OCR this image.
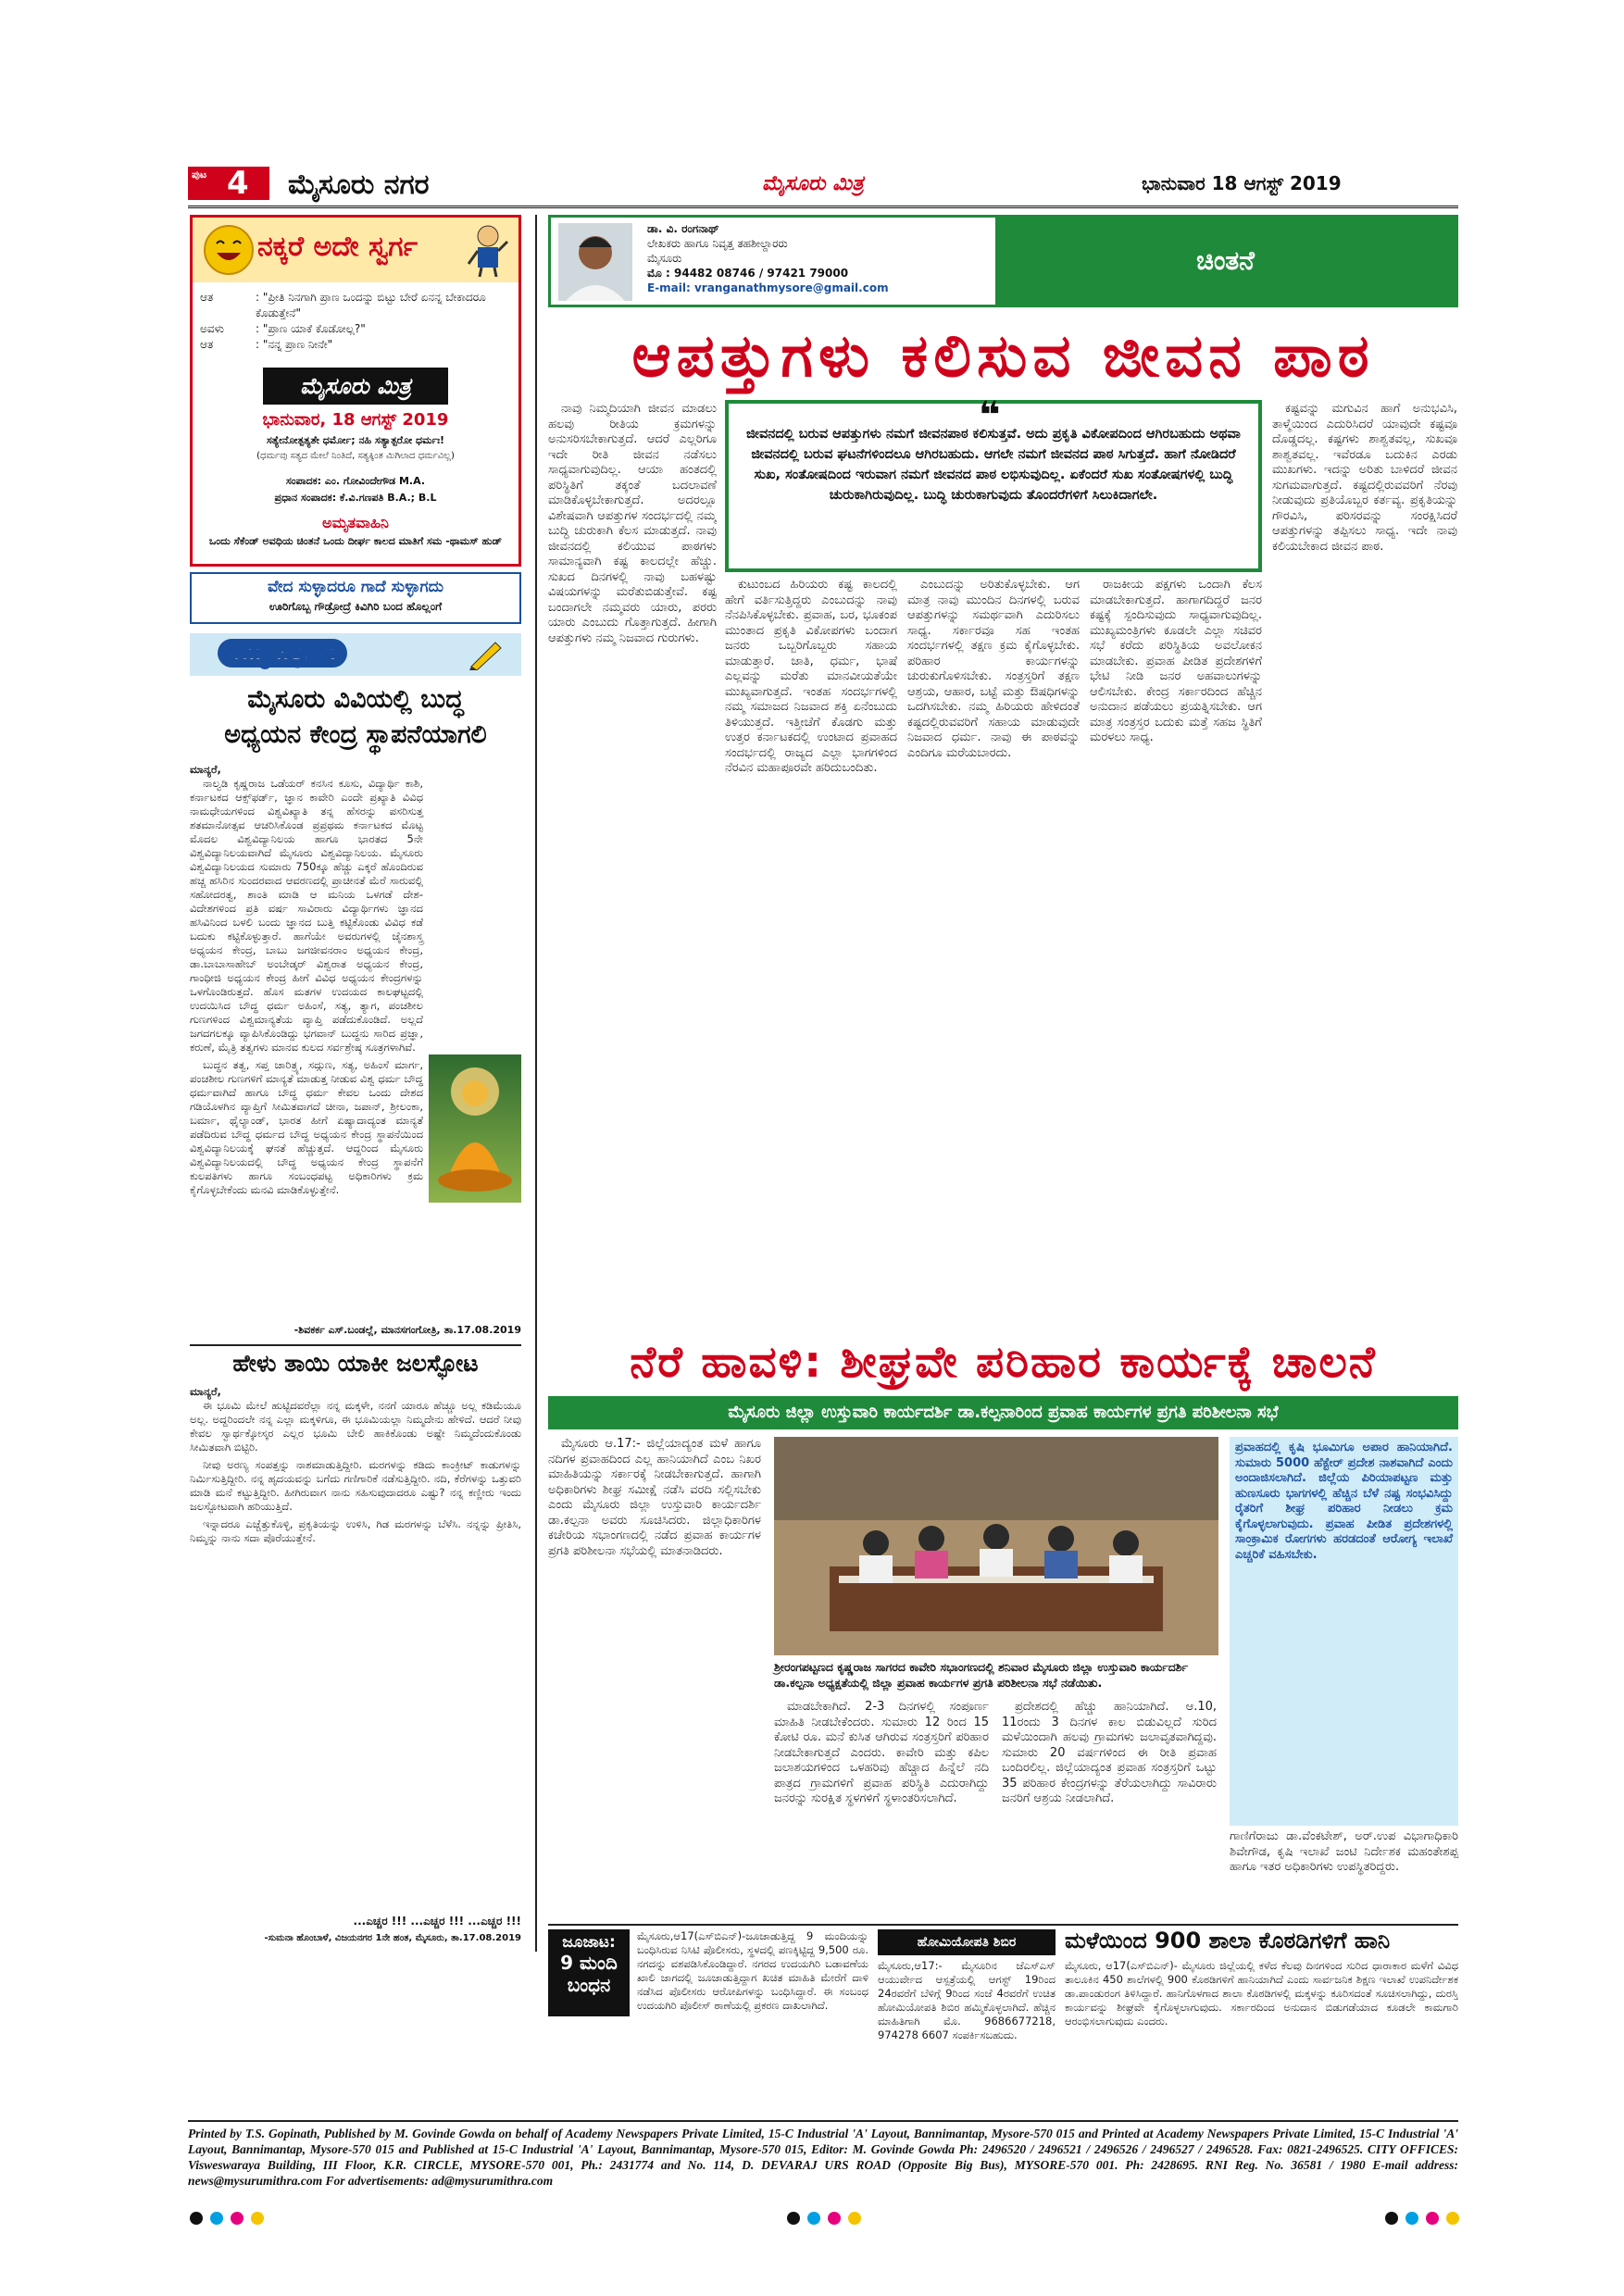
ಪುಟ 4 ಮೈಸೂರು ನಗರ	ಮೈಸೂರು ಮಿತ್ರ	ಭಾನುವಾರ 18 ಆಗಸ್ಟ್ 2019
ನಕ್ಕರೆ ಅದೇ ಸ್ವರ್ಗ
ಆತ	: "ಪ್ರೀತಿ ನಿನಗಾಗಿ ಪ್ರಾಣ ಒಂದನ್ನು ಬಿಟ್ಟು ಬೇರೆ ಏನನ್ನ ಬೇಕಾದರೂ ಕೊಡುತ್ತೇನೆ"
ಅವಳು	: "ಪ್ರಾಣ ಯಾಕೆ ಕೊಡೋಲ್ಲ?"
ಆತ	: "ನನ್ನ ಪ್ರಾಣ ನೀನೇ"
ಮೈಸೂರು ಮಿತ್ರ
ಭಾನುವಾರ, 18 ಆಗಸ್ಟ್ 2019
ಸತ್ಯೇನೋತ್ಪತ್ಯತೇ ಧರ್ಮೋ; ನಹಿ ಸತ್ಯಾತ್ಪರೋ ಧರ್ಮಃ!
(ಧರ್ಮವು ಸತ್ಯದ ಮೇಲೆ ನಿಂತಿದೆ, ಸತ್ಯಕ್ಕಿಂತ ಮಿಗಿಲಾದ ಧರ್ಮವಿಲ್ಲ)
ಸಂಪಾದಕ: ಎಂ. ಗೋವಿಂದೇಗೌಡ M.A.
ಪ್ರಧಾನ ಸಂಪಾದಕ: ಕೆ.ವಿ.ಗಣಪತಿ B.A.; B.L
ಅಮೃತವಾಹಿನಿ
ಒಂದು ಸೆಕೆಂಡ್ ಅವಧಿಯ ಚಿಂತನೆ ಒಂದು ದೀರ್ಘ ಕಾಲದ ಮಾತಿಗೆ ಸಮ -ಥಾಮಸ್ ಹುಡ್
ವೇದ ಸುಳ್ಳಾದರೂ ಗಾದೆ ಸುಳ್ಳಾಗದು
ಊರಿಗೊಬ್ಬ ಗೌಡ್ರೋದ್ರೆ ಕಿವಿಗಿರಿ ಬಂದ ಹೊಲ್ಲಂಗೆ
ನಿಮ್ಮ ಪತ್ರಗಳು
ಮೈಸೂರು ವಿವಿಯಲ್ಲಿ ಬುದ್ಧ
ಅಧ್ಯಯನ ಕೇಂದ್ರ ಸ್ಥಾಪನೆಯಾಗಲಿ
ಮಾನ್ಯರೆ,

ನಾಲ್ವಡಿ ಕೃಷ್ಣರಾಜ ಒಡೆಯರ್ ಕನಸಿನ ಕೂಸು, ವಿದ್ಯಾರ್ಥಿ ಕಾಶಿ, ಕರ್ನಾಟಕದ ಆಕ್ಸ್‌ಫರ್ಡ್, ಜ್ಞಾನ ಕಾವೇರಿ ಎಂದೇ ಪ್ರಖ್ಯಾತಿ ವಿವಿಧ ನಾಮಧೇಯಗಳಿಂದ ವಿಶ್ವವಿಖ್ಯಾತಿ ತನ್ನ ಹೆಸರನ್ನು ಪಸರಿಸುತ್ತ ಶತಮಾನೋತ್ಸವ ಆಚರಿಸಿಕೊಂಡ ಪ್ರಪ್ರಥಮ ಕರ್ನಾಟಕದ ಮೊಟ್ಟ ಮೊದಲ ವಿಶ್ವವಿದ್ಯಾನಿಲಯ ಹಾಗೂ ಭಾರತದ 5ನೇ ವಿಶ್ವವಿದ್ಯಾನಿಲಯವಾಗಿದೆ ಮೈಸೂರು ವಿಶ್ವವಿದ್ಯಾನಿಲಯ. ಮೈಸೂರು ವಿಶ್ವವಿದ್ಯಾನಿಲಯದ ಸುಮಾರು 750ಕ್ಕೂ ಹೆಚ್ಚು ಎಕ್ಕರೆ ಹೊಂದಿರುವ ಹಚ್ಚ ಹಸಿರಿನ ಸುಂದರವಾದ ಆವರಣದಲ್ಲಿ ಪ್ರಾಚೀನತೆ ಮೆರೆ ಸಾರುವಲ್ಲಿ ಸಹೋದರತ್ವ, ಶಾಂತಿ ಮಾಡಿ ಆ ಮನಿಯ ಒಳಗಡೆ ದೇಶ-ವಿದೇಶಗಳಿಂದ ಪ್ರತಿ ವರ್ಷ ಸಾವಿರಾರು ವಿದ್ಯಾರ್ಥಿಗಳು ಜ್ಞಾನದ ಹಸಿವಿನಿಂದ ಬಳಲಿ ಬಂದು ಜ್ಞಾನದ ಬುತ್ತಿ ಕಟ್ಟಿಕೊಂಡು ವಿವಿಧ ಕಡೆ ಬದುಕು ಕಟ್ಟಿಕೊಳ್ಳುತ್ತಾರೆ. ಹಾಗೆಯೇ ಅವರುಗಳಲ್ಲಿ ಜೈನಶಾಸ್ತ್ರ ಅಧ್ಯಯನ ಕೇಂದ್ರ, ಬಾಬು ಜಗಜೀವನರಾಂ ಅಧ್ಯಯನ ಕೇಂದ್ರ, ಡಾ.ಬಾಬಾಸಾಹೇಬ್ ಅಂಬೇಡ್ಕರ್ ವಿಶ್ವರಾತ ಅಧ್ಯಯನ ಕೇಂದ್ರ, ಗಾಂಧೀಜಿ ಅಧ್ಯಯನ ಕೇಂದ್ರ ಹೀಗೆ ವಿವಿಧ ಅಧ್ಯಯನ ಕೇಂದ್ರಗಳನ್ನು ಒಳಗೊಂಡಿರುತ್ತದೆ. ಹೊಸ ಮತಗಳ ಉದಯದ ಕಾಲಘಟ್ಟದಲ್ಲಿ ಉದಯಿಸಿದ ಬೌದ್ಧ ಧರ್ಮ ಅಹಿಂಸೆ, ಸತ್ಯ, ತ್ಯಾಗ, ಪಂಚಶೀಲ ಗುಣಗಳಿಂದ ವಿಶ್ವಮಾನ್ಯತೆಯ ವ್ಯಾಪ್ತಿ ಪಡೆದುಕೊಂಡಿದೆ. ಅಲ್ಲದೆ ಜಗದಗಲಕ್ಕೂ ವ್ಯಾಪಿಸಿಕೊಂಡಿದ್ದು ಭಗವಾನ್ ಬುದ್ಧನು ಸಾರಿದ ಪ್ರಜ್ಞಾ, ಕರುಣೆ, ಮೈತ್ರಿ ತತ್ವಗಳು ಮಾನವ ಕುಲದ ಸರ್ವಶ್ರೇಷ್ಠ ಸೂತ್ರಗಳಾಗಿವೆ.

ಬುದ್ಧನ ತತ್ವ, ಸಪ್ತ ಚಾರಿತ್ರ್ಯ, ಸದ್ಗುಣ, ಸತ್ಯ, ಅಹಿಂಸೆ ಮಾರ್ಗ, ಪಂಚಶೀಲ ಗುಣಗಳಿಗೆ ಮಾನ್ಯತೆ ಮಾಡುತ್ತ ನೀಡುವ ವಿಶ್ವ ಧರ್ಮ ಬೌದ್ಧ ಧರ್ಮವಾಗಿದೆ ಹಾಗೂ ಬೌದ್ಧ ಧರ್ಮ ಕೇವಲ ಒಂದು ದೇಶದ ಗಡಿಯೊಳಗಿನ ವ್ಯಾಪ್ತಿಗೆ ಸೀಮಿತವಾಗದೆ ಚೀನಾ, ಜಪಾನ್, ಶ್ರೀಲಂಕಾ, ಬರ್ಮಾ, ಥೈಲ್ಯಾಂಡ್, ಭಾರತ ಹೀಗೆ ಏಷ್ಯಾದಾದ್ಯಂತ ಮಾನ್ಯತೆ ಪಡೆದಿರುವ ಬೌದ್ಧ ಧರ್ಮದ ಬೌದ್ಧ ಅಧ್ಯಯನ ಕೇಂದ್ರ ಸ್ಥಾಪನೆಯಿಂದ ವಿಶ್ವವಿದ್ಯಾನಿಲಯಕ್ಕೆ ಘನತೆ ಹೆಚ್ಚುತ್ತದೆ. ಆದ್ದರಿಂದ ಮೈಸೂರು ವಿಶ್ವವಿದ್ಯಾನಿಲಯದಲ್ಲಿ ಬೌದ್ಧ ಅಧ್ಯಯನ ಕೇಂದ್ರ ಸ್ಥಾಪನೆಗೆ ಕುಲಪತಿಗಳು ಹಾಗೂ ಸಂಬಂಧಪಟ್ಟ ಅಧಿಕಾರಿಗಳು ಕ್ರಮ ಕೈಗೊಳ್ಳಬೇಕೆಂದು ಮನವಿ ಮಾಡಿಕೊಳ್ಳುತ್ತೇನೆ.

-ಶಿವಕರ್ಕ ಎಸ್.ಬಂಡಲ್ಲೆ, ಮಾನಸಗಂಗೋತ್ರಿ, ತಾ.17.08.2019
ಹೇಳು ತಾಯಿ ಯಾಕೀ ಜಲಸ್ಫೋಟ
ಮಾನ್ಯರೆ,

ಈ ಭೂಮಿ ಮೇಲೆ ಹುಟ್ಟಿದವರೆಲ್ಲಾ ನನ್ನ ಮಕ್ಕಳೇ, ನನಗೆ ಯಾರೂ ಹೆಚ್ಚೂ ಅಲ್ಲ ಕಡಿಮೆಯೂ ಅಲ್ಲ. ಅದ್ದರಿಂದಲೇ ನನ್ನ ಎಲ್ಲಾ ಮಕ್ಕಳಿಗೂ, ಈ ಭೂಮಿಯಲ್ಲಾ ನಿಮ್ಮದೇನು ಹೇಳಿದೆ. ಆದರೆ ನೀವು ಕೇವಲ ಸ್ವಾರ್ಥಕ್ಕೋಸ್ಕರ ಎಲ್ಲರ ಭೂಮಿ ಬೇಲಿ ಹಾಕಿಕೊಂಡು ಅಷ್ಟೇ ನಿಮ್ಮದೆಂದುಕೊಂಡು ಸೀಮಿತವಾಗಿ ಬಿಟ್ಟಿರಿ.

ನೀವು ಅರಣ್ಯ ಸಂಪತ್ತನ್ನು ನಾಶಮಾಡುತ್ತಿದ್ದೀರಿ. ಮರಗಳನ್ನು ಕಡಿದು ಕಾಂಕ್ರೀಟ್ ಕಾಡುಗಳನ್ನು ನಿರ್ಮಿಸುತ್ತಿದ್ದೀರಿ. ನನ್ನ ಹೃದಯವನ್ನು ಬಗೆದು ಗಣಿಗಾರಿಕೆ ನಡೆಸುತ್ತಿದ್ದೀರಿ. ನದಿ, ಕೆರೆಗಳನ್ನು ಒತ್ತುವರಿ ಮಾಡಿ ಮನೆ ಕಟ್ಟುತ್ತಿದ್ದೀರಿ. ಹೀಗಿರುವಾಗ ನಾನು ಸಹಿಸುವುದಾದರೂ ಎಷ್ಟು? ನನ್ನ ಕಣ್ಣೀರು ಇಂದು ಜಲಸ್ಫೋಟವಾಗಿ ಹರಿಯುತ್ತಿದೆ.

ಇನ್ನಾದರೂ ಎಚ್ಚೆತ್ತುಕೊಳ್ಳಿ, ಪ್ರಕೃತಿಯನ್ನು ಉಳಿಸಿ, ಗಿಡ ಮರಗಳನ್ನು ಬೆಳೆಸಿ. ನನ್ನನ್ನು ಪ್ರೀತಿಸಿ, ನಿಮ್ಮನ್ನು ನಾನು ಸದಾ ಪೊರೆಯುತ್ತೇನೆ.

...ಎಚ್ಚರ !!! ...ಎಚ್ಚರ !!! ...ಎಚ್ಚರ !!!
-ಸುಮನಾ ಹೊಂಬಾಳೆ, ವಿಜಯನಗರ 1ನೇ ಹಂತ, ಮೈಸೂರು, ತಾ.17.08.2019
ಡಾ. ವಿ. ರಂಗನಾಥ್
ಲೇಖಕರು ಹಾಗೂ ನಿವೃತ್ತ ತಹಶೀಲ್ದಾರರು
ಮೈಸೂರು
ಮೊ : 94482 08746 / 97421 79000
E-mail: vranganathmysore@gmail.com
ಚಿಂತನೆ
ಆಪತ್ತುಗಳು ಕಲಿಸುವ ಜೀವನ ಪಾಠ

ನಾವು ನಿಮ್ಮದಿಯಾಗಿ ಜೀವನ ಮಾಡಲು ಹಲವು ರೀತಿಯ ಕ್ರಮಗಳನ್ನು ಅನುಸರಿಸಬೇಕಾಗುತ್ತದೆ. ಆದರೆ ಎಲ್ಲರಿಗೂ ಇದೇ ರೀತಿ ಜೀವನ ನಡೆಸಲು ಸಾಧ್ಯವಾಗುವುದಿಲ್ಲ. ಆಯಾ ಹಂತದಲ್ಲಿ ಪರಿಸ್ಥಿತಿಗೆ ತಕ್ಕಂತೆ ಬದಲಾವಣೆ ಮಾಡಿಕೊಳ್ಳಬೇಕಾಗುತ್ತದೆ. ಅದರಲ್ಲೂ ವಿಶೇಷವಾಗಿ ಆಪತ್ತುಗಳ ಸಂದರ್ಭದಲ್ಲಿ ನಮ್ಮ ಬುದ್ಧಿ ಚುರುಕಾಗಿ ಕೆಲಸ ಮಾಡುತ್ತದೆ. ನಾವು ಜೀವನದಲ್ಲಿ ಕಲಿಯುವ ಪಾಠಗಳು ಸಾಮಾನ್ಯವಾಗಿ ಕಷ್ಟ ಕಾಲದಲ್ಲೇ ಹೆಚ್ಚು. ಸುಖದ ದಿನಗಳಲ್ಲಿ ನಾವು ಬಹಳಷ್ಟು ವಿಷಯಗಳನ್ನು ಮರೆತುಬಿಡುತ್ತೇವೆ. ಕಷ್ಟ ಬಂದಾಗಲೇ ನಮ್ಮವರು ಯಾರು, ಪರರು ಯಾರು ಎಂಬುದು ಗೊತ್ತಾಗುತ್ತದೆ. ಹೀಗಾಗಿ ಆಪತ್ತುಗಳು ನಮ್ಮ ನಿಜವಾದ ಗುರುಗಳು.

❝
ಜೀವನದಲ್ಲಿ ಬರುವ ಆಪತ್ತುಗಳು ನಮಗೆ ಜೀವನಪಾಠ ಕಲಿಸುತ್ತವೆ. ಅದು ಪ್ರಕೃತಿ ವಿಕೋಪದಿಂದ ಆಗಿರಬಹುದು ಅಥವಾ ಜೀವನದಲ್ಲಿ ಬರುವ ಘಟನೆಗಳಿಂದಲೂ ಆಗಿರಬಹುದು. ಆಗಲೇ ನಮಗೆ ಜೀವನದ ಪಾಠ ಸಿಗುತ್ತದೆ. ಹಾಗೆ ನೋಡಿದರೆ ಸುಖ, ಸಂತೋಷದಿಂದ ಇರುವಾಗ ನಮಗೆ ಜೀವನದ ಪಾಠ ಲಭಿಸುವುದಿಲ್ಲ. ಏಕೆಂದರೆ ಸುಖ ಸಂತೋಷಗಳಲ್ಲಿ ಬುದ್ಧಿ ಚುರುಕಾಗಿರುವುದಿಲ್ಲ. ಬುದ್ಧಿ ಚುರುಕಾಗುವುದು ತೊಂದರೆಗಳಿಗೆ ಸಿಲುಕಿದಾಗಲೇ.

ಕುಟುಂಬದ ಹಿರಿಯರು ಕಷ್ಟ ಕಾಲದಲ್ಲಿ ಹೇಗೆ ವರ್ತಿಸುತ್ತಿದ್ದರು ಎಂಬುದನ್ನು ನಾವು ನೆನಪಿಸಿಕೊಳ್ಳಬೇಕು. ಪ್ರವಾಹ, ಬರ, ಭೂಕಂಪ ಮುಂತಾದ ಪ್ರಕೃತಿ ವಿಕೋಪಗಳು ಬಂದಾಗ ಜನರು ಒಬ್ಬರಿಗೊಬ್ಬರು ಸಹಾಯ ಮಾಡುತ್ತಾರೆ. ಜಾತಿ, ಧರ್ಮ, ಭಾಷೆ ಎಲ್ಲವನ್ನು ಮರೆತು ಮಾನವೀಯತೆಯೇ ಮುಖ್ಯವಾಗುತ್ತದೆ. ಇಂತಹ ಸಂದರ್ಭಗಳಲ್ಲಿ ನಮ್ಮ ಸಮಾಜದ ನಿಜವಾದ ಶಕ್ತಿ ಏನೆಂಬುದು ತಿಳಿಯುತ್ತದೆ. ಇತ್ತೀಚೆಗೆ ಕೊಡಗು ಮತ್ತು ಉತ್ತರ ಕರ್ನಾಟಕದಲ್ಲಿ ಉಂಟಾದ ಪ್ರವಾಹದ ಸಂದರ್ಭದಲ್ಲಿ ರಾಜ್ಯದ ಎಲ್ಲಾ ಭಾಗಗಳಿಂದ ನೆರವಿನ ಮಹಾಪೂರವೇ ಹರಿದುಬಂದಿತು.

ಎಂಬುದನ್ನು ಅರಿತುಕೊಳ್ಳಬೇಕು. ಆಗ ಮಾತ್ರ ನಾವು ಮುಂದಿನ ದಿನಗಳಲ್ಲಿ ಬರುವ ಆಪತ್ತುಗಳನ್ನು ಸಮರ್ಥವಾಗಿ ಎದುರಿಸಲು ಸಾಧ್ಯ. ಸರ್ಕಾರವೂ ಸಹ ಇಂತಹ ಸಂದರ್ಭಗಳಲ್ಲಿ ತಕ್ಷಣ ಕ್ರಮ ಕೈಗೊಳ್ಳಬೇಕು. ಪರಿಹಾರ ಕಾರ್ಯಗಳನ್ನು ಚುರುಕುಗೊಳಿಸಬೇಕು. ಸಂತ್ರಸ್ತರಿಗೆ ತಕ್ಷಣ ಆಶ್ರಯ, ಆಹಾರ, ಬಟ್ಟೆ ಮತ್ತು ಔಷಧಿಗಳನ್ನು ಒದಗಿಸಬೇಕು. ನಮ್ಮ ಹಿರಿಯರು ಹೇಳಿದಂತೆ ಕಷ್ಟದಲ್ಲಿರುವವರಿಗೆ ಸಹಾಯ ಮಾಡುವುದೇ ನಿಜವಾದ ಧರ್ಮ. ನಾವು ಈ ಪಾಠವನ್ನು ಎಂದಿಗೂ ಮರೆಯಬಾರದು.

ರಾಜಕೀಯ ಪಕ್ಷಗಳು ಒಂದಾಗಿ ಕೆಲಸ ಮಾಡಬೇಕಾಗುತ್ತದೆ. ಹಾಗಾಗದಿದ್ದರೆ ಜನರ ಕಷ್ಟಕ್ಕೆ ಸ್ಪಂದಿಸುವುದು ಸಾಧ್ಯವಾಗುವುದಿಲ್ಲ. ಮುಖ್ಯಮಂತ್ರಿಗಳು ಕೂಡಲೇ ಎಲ್ಲಾ ಸಚಿವರ ಸಭೆ ಕರೆದು ಪರಿಸ್ಥಿತಿಯ ಅವಲೋಕನ ಮಾಡಬೇಕು. ಪ್ರವಾಹ ಪೀಡಿತ ಪ್ರದೇಶಗಳಿಗೆ ಭೇಟಿ ನೀಡಿ ಜನರ ಅಹವಾಲುಗಳನ್ನು ಆಲಿಸಬೇಕು. ಕೇಂದ್ರ ಸರ್ಕಾರದಿಂದ ಹೆಚ್ಚಿನ ಅನುದಾನ ಪಡೆಯಲು ಪ್ರಯತ್ನಿಸಬೇಕು. ಆಗ ಮಾತ್ರ ಸಂತ್ರಸ್ತರ ಬದುಕು ಮತ್ತೆ ಸಹಜ ಸ್ಥಿತಿಗೆ ಮರಳಲು ಸಾಧ್ಯ.

ಕಷ್ಟವನ್ನು ಮಗುವಿನ ಹಾಗೆ ಅನುಭವಿಸಿ, ತಾಳ್ಮೆಯಿಂದ ಎದುರಿಸಿದರೆ ಯಾವುದೇ ಕಷ್ಟವೂ ದೊಡ್ಡದಲ್ಲ. ಕಷ್ಟಗಳು ಶಾಶ್ವತವಲ್ಲ, ಸುಖವೂ ಶಾಶ್ವತವಲ್ಲ. ಇವೆರಡೂ ಬದುಕಿನ ಎರಡು ಮುಖಗಳು. ಇದನ್ನು ಅರಿತು ಬಾಳಿದರೆ ಜೀವನ ಸುಗಮವಾಗುತ್ತದೆ. ಕಷ್ಟದಲ್ಲಿರುವವರಿಗೆ ನೆರವು ನೀಡುವುದು ಪ್ರತಿಯೊಬ್ಬರ ಕರ್ತವ್ಯ. ಪ್ರಕೃತಿಯನ್ನು ಗೌರವಿಸಿ, ಪರಿಸರವನ್ನು ಸಂರಕ್ಷಿಸಿದರೆ ಆಪತ್ತುಗಳನ್ನು ತಪ್ಪಿಸಲು ಸಾಧ್ಯ. ಇದೇ ನಾವು ಕಲಿಯಬೇಕಾದ ಜೀವನ ಪಾಠ.

ನೆರೆ ಹಾವಳಿ: ಶೀಘ್ರವೇ ಪರಿಹಾರ ಕಾರ್ಯಕ್ಕೆ ಚಾಲನೆ
ಮೈಸೂರು ಜಿಲ್ಲಾ ಉಸ್ತುವಾರಿ ಕಾರ್ಯದರ್ಶಿ ಡಾ.ಕಲ್ಪನಾರಿಂದ ಪ್ರವಾಹ ಕಾರ್ಯಗಳ ಪ್ರಗತಿ ಪರಿಶೀಲನಾ ಸಭೆ

ಮೈಸೂರು ಆ.17:- ಜಿಲ್ಲೆಯಾದ್ಯಂತ ಮಳೆ ಹಾಗೂ ನದಿಗಳ ಪ್ರವಾಹದಿಂದ ಎಲ್ಲ ಹಾನಿಯಾಗಿದೆ ಎಂಬ ನಿಖರ ಮಾಹಿತಿಯನ್ನು ಸರ್ಕಾರಕ್ಕೆ ನೀಡಬೇಕಾಗುತ್ತದೆ. ಹಾಗಾಗಿ ಅಧಿಕಾರಿಗಳು ಶೀಘ್ರ ಸಮೀಕ್ಷೆ ನಡೆಸಿ ವರದಿ ಸಲ್ಲಿಸಬೇಕು ಎಂದು ಮೈಸೂರು ಜಿಲ್ಲಾ ಉಸ್ತುವಾರಿ ಕಾರ್ಯದರ್ಶಿ ಡಾ.ಕಲ್ಪನಾ ಅವರು ಸೂಚಿಸಿದರು. ಜಿಲ್ಲಾಧಿಕಾರಿಗಳ ಕಚೇರಿಯ ಸಭಾಂಗಣದಲ್ಲಿ ನಡೆದ ಪ್ರವಾಹ ಕಾರ್ಯಗಳ ಪ್ರಗತಿ ಪರಿಶೀಲನಾ ಸಭೆಯಲ್ಲಿ ಮಾತನಾಡಿದರು.

ಶ್ರೀರಂಗಪಟ್ಟಣದ ಕೃಷ್ಣರಾಜ ಸಾಗರದ ಕಾವೇರಿ ಸಭಾಂಗಣದಲ್ಲಿ ಶನಿವಾರ ಮೈಸೂರು ಜಿಲ್ಲಾ ಉಸ್ತುವಾರಿ ಕಾರ್ಯದರ್ಶಿ ಡಾ.ಕಲ್ಪನಾ ಅಧ್ಯಕ್ಷತೆಯಲ್ಲಿ ಜಿಲ್ಲಾ ಪ್ರವಾಹ ಕಾರ್ಯಗಳ ಪ್ರಗತಿ ಪರಿಶೀಲನಾ ಸಭೆ ನಡೆಯಿತು.

ಮಾಡಬೇಕಾಗಿದೆ. 2-3 ದಿನಗಳಲ್ಲಿ ಸಂಪೂರ್ಣ ಮಾಹಿತಿ ನೀಡಬೇಕೆಂದರು. ಸುಮಾರು 12 ರಿಂದ 15 ಕೋಟಿ ರೂ. ಮನೆ ಕುಸಿತ ಆಗಿರುವ ಸಂತ್ರಸ್ತರಿಗೆ ಪರಿಹಾರ ನೀಡಬೇಕಾಗುತ್ತದೆ ಎಂದರು. ಕಾವೇರಿ ಮತ್ತು ಕಪಿಲ ಜಲಾಶಯಗಳಿಂದ ಒಳಹರಿವು ಹೆಚ್ಚಾದ ಹಿನ್ನೆಲೆ ನದಿ ಪಾತ್ರದ ಗ್ರಾಮಗಳಿಗೆ ಪ್ರವಾಹ ಪರಿಸ್ಥಿತಿ ಎದುರಾಗಿದ್ದು ಜನರನ್ನು ಸುರಕ್ಷಿತ ಸ್ಥಳಗಳಿಗೆ ಸ್ಥಳಾಂತರಿಸಲಾಗಿದೆ.

ಪ್ರದೇಶದಲ್ಲಿ ಹೆಚ್ಚು ಹಾನಿಯಾಗಿದೆ. ಆ.10, 11ರಂದು 3 ದಿನಗಳ ಕಾಲ ಬಿಡುವಿಲ್ಲದೆ ಸುರಿದ ಮಳೆಯಿಂದಾಗಿ ಹಲವು ಗ್ರಾಮಗಳು ಜಲಾವೃತವಾಗಿದ್ದವು. ಸುಮಾರು 20 ವರ್ಷಗಳಿಂದ ಈ ರೀತಿ ಪ್ರವಾಹ ಬಂದಿರಲಿಲ್ಲ. ಜಿಲ್ಲೆಯಾದ್ಯಂತ ಪ್ರವಾಹ ಸಂತ್ರಸ್ತರಿಗೆ ಒಟ್ಟು 35 ಪರಿಹಾರ ಕೇಂದ್ರಗಳನ್ನು ತೆರೆಯಲಾಗಿದ್ದು ಸಾವಿರಾರು ಜನರಿಗೆ ಆಶ್ರಯ ನೀಡಲಾಗಿದೆ.

ಪ್ರವಾಹದಲ್ಲಿ ಕೃಷಿ ಭೂಮಿಗೂ ಅಪಾರ ಹಾನಿಯಾಗಿದೆ. ಸುಮಾರು 5000 ಹೆಕ್ಟೇರ್ ಪ್ರದೇಶ ನಾಶವಾಗಿದೆ ಎಂದು ಅಂದಾಜಿಸಲಾಗಿದೆ. ಜಿಲ್ಲೆಯ ಪಿರಿಯಾಪಟ್ಟಣ ಮತ್ತು ಹುಣಸೂರು ಭಾಗಗಳಲ್ಲಿ ಹೆಚ್ಚಿನ ಬೆಳೆ ನಷ್ಟ ಸಂಭವಿಸಿದ್ದು ರೈತರಿಗೆ ಶೀಘ್ರ ಪರಿಹಾರ ನೀಡಲು ಕ್ರಮ ಕೈಗೊಳ್ಳಲಾಗುವುದು. ಪ್ರವಾಹ ಪೀಡಿತ ಪ್ರದೇಶಗಳಲ್ಲಿ ಸಾಂಕ್ರಾಮಿಕ ರೋಗಗಳು ಹರಡದಂತೆ ಆರೋಗ್ಯ ಇಲಾಖೆ ಎಚ್ಚರಿಕೆ ವಹಿಸಬೇಕು.
ಗಾಣಿಗೆರಾಜು ಡಾ.ವೆಂಕಟೇಶ್, ಅರ್.ಉಪ ವಿಭಾಗಾಧಿಕಾರಿ ಶಿವೇಗೌಡ, ಕೃಷಿ ಇಲಾಖೆ ಜಂಟಿ ನಿರ್ದೇಶಕ ಮಹಂತೇಶಪ್ಪ ಹಾಗೂ ಇತರ ಅಧಿಕಾರಿಗಳು ಉಪಸ್ಥಿತರಿದ್ದರು.
ಜೂಜಾಟ:
9 ಮಂದಿ
ಬಂಧನ
ಮೈಸೂರು,ಆ17(ಎಸ್‌ಬಿಎನ್)-ಜೂಜಾಡುತ್ತಿದ್ದ 9 ಮಂದಿಯನ್ನು ಬಂಧಿಸಿರುವ ನಿಸಿಟಿ ಪೊಲೀಸರು, ಸ್ಥಳದಲ್ಲಿ ಪಣಕ್ಕಿಟ್ಟಿದ್ದ 9,500 ರೂ. ನಗದನ್ನು ವಶಪಡಿಸಿಕೊಂಡಿದ್ದಾರೆ. ನಗರದ ಉದಯಗಿರಿ ಬಡಾವಣೆಯ ಖಾಲಿ ಜಾಗದಲ್ಲಿ ಜೂಜಾಡುತ್ತಿದ್ದಾಗ ಖಚಿತ ಮಾಹಿತಿ ಮೇರೆಗೆ ದಾಳಿ ನಡೆಸಿದ ಪೊಲೀಸರು ಆರೋಪಿಗಳನ್ನು ಬಂಧಿಸಿದ್ದಾರೆ. ಈ ಸಂಬಂಧ ಉದಯಗಿರಿ ಪೊಲೀಸ್ ಠಾಣೆಯಲ್ಲಿ ಪ್ರಕರಣ ದಾಖಲಾಗಿದೆ.
ಹೋಮಿಯೋಪತಿ ಶಿಬಿರ
ಮೈಸೂರು,ಆ17:- ಮೈಸೂರಿನ ಜೆಎಸ್‌ಎಸ್ ಆಯುರ್ವೇದ ಆಸ್ಪತ್ರೆಯಲ್ಲಿ ಆಗಸ್ಟ್ 19ರಿಂದ 24ರವರೆಗೆ ಬೆಳಿಗ್ಗೆ 9ರಿಂದ ಸಂಜೆ 4ರವರೆಗೆ ಉಚಿತ ಹೋಮಿಯೋಪತಿ ಶಿಬಿರ ಹಮ್ಮಿಕೊಳ್ಳಲಾಗಿದೆ. ಹೆಚ್ಚಿನ ಮಾಹಿತಿಗಾಗಿ ಮೊ. 9686677218, 974278 6607 ಸಂಪರ್ಕಿಸಬಹುದು.
ಮಳೆಯಿಂದ 900 ಶಾಲಾ ಕೊಠಡಿಗಳಿಗೆ ಹಾನಿ
ಮೈಸೂರು, ಆ17(ಎಸ್‌ಬಿಎನ್)- ಮೈಸೂರು ಜಿಲ್ಲೆಯಲ್ಲಿ ಕಳೆದ ಕೆಲವು ದಿನಗಳಿಂದ ಸುರಿದ ಧಾರಾಕಾರ ಮಳೆಗೆ ವಿವಿಧ ತಾಲೂಕಿನ 450 ಶಾಲೆಗಳಲ್ಲಿ 900 ಕೊಠಡಿಗಳಿಗೆ ಹಾನಿಯಾಗಿದೆ ಎಂದು ಸಾರ್ವಜನಿಕ ಶಿಕ್ಷಣ ಇಲಾಖೆ ಉಪನಿರ್ದೇಶಕ ಡಾ.ಪಾಂಡುರಂಗ ತಿಳಿಸಿದ್ದಾರೆ. ಹಾನಿಗೊಳಗಾದ ಶಾಲಾ ಕೊಠಡಿಗಳಲ್ಲಿ ಮಕ್ಕಳನ್ನು ಕೂರಿಸದಂತೆ ಸೂಚಿಸಲಾಗಿದ್ದು, ದುರಸ್ತಿ ಕಾರ್ಯವನ್ನು ಶೀಘ್ರವೇ ಕೈಗೊಳ್ಳಲಾಗುವುದು. ಸರ್ಕಾರದಿಂದ ಅನುದಾನ ಬಿಡುಗಡೆಯಾದ ಕೂಡಲೇ ಕಾಮಗಾರಿ ಆರಂಭಿಸಲಾಗುವುದು ಎಂದರು.
Printed by T.S. Gopinath, Published by M. Govinde Gowda on behalf of Academy Newspapers Private Limited, 15-C Industrial 'A' Layout, Bannimantap, Mysore-570 015 and Printed at Academy Newspapers Private Limited, 15-C Industrial 'A' Layout, Bannimantap, Mysore-570 015 and Published at 15-C Industrial 'A' Layout, Bannimantap, Mysore-570 015, Editor: M. Govinde Gowda Ph: 2496520 / 2496521 / 2496526 / 2496527 / 2496528. Fax: 0821-2496525. CITY OFFICES: Visweswaraya Building, III Floor, K.R. CIRCLE, MYSORE-570 001, Ph.: 2431774 and No. 114, D. DEVARAJ URS ROAD (Opposite Big Bus), MYSORE-570 001. Ph: 2428695. RNI Reg. No. 36581 / 1980 E-mail address: news@mysurumithra.com For advertisements: ad@mysurumithra.com
